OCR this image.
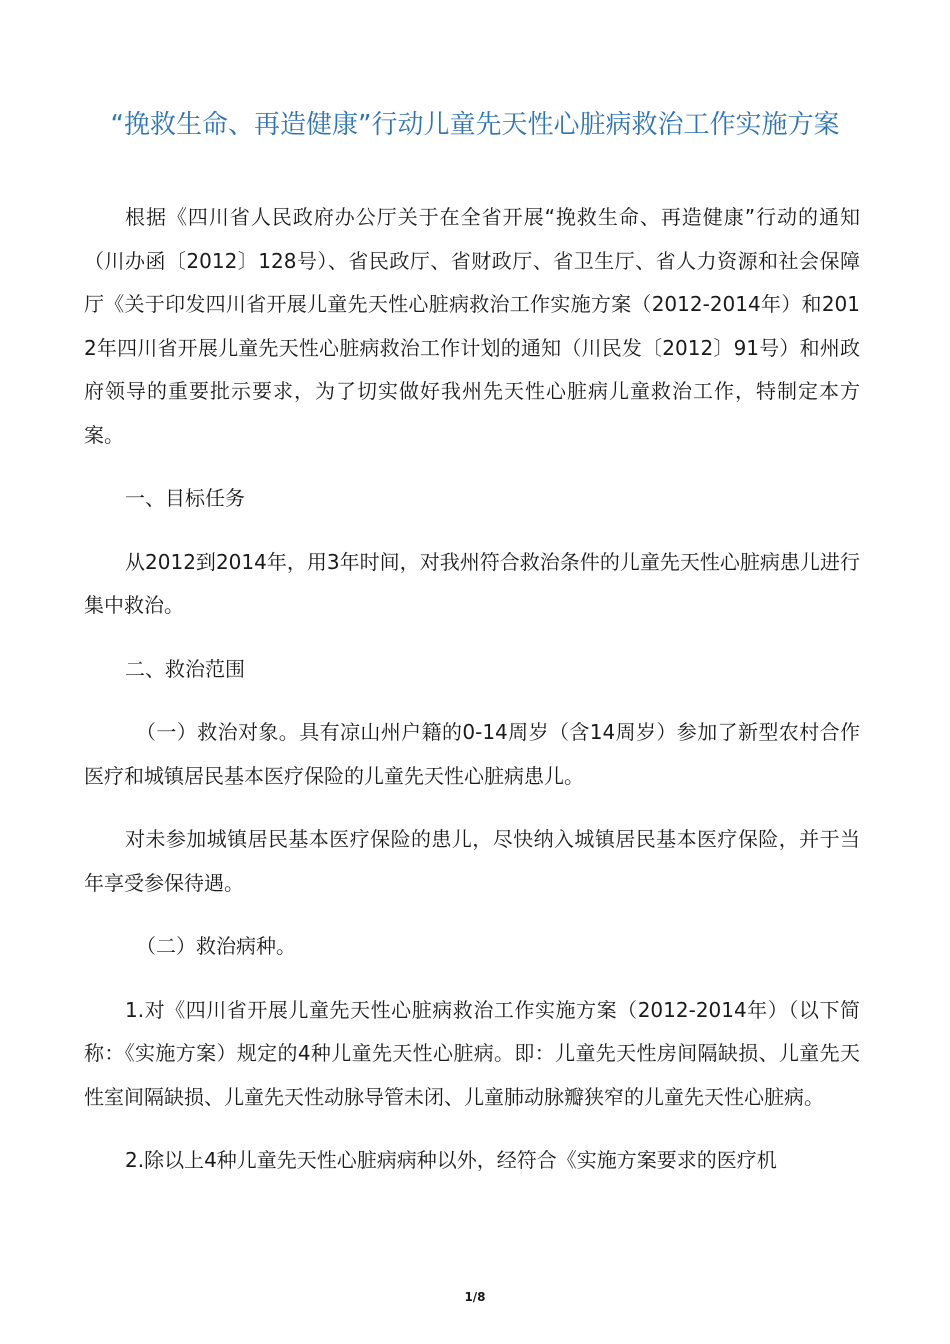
“挽救生命、再造健康”行动儿童先天性心脏病救治工作实施方案

根据《四川省人民政府办公厅关于在全省开展“挽救生命、再造健康”行动的通知（川办函〔2012〕128号）、省民政厅、省财政厅、省卫生厅、省人力资源和社会保障厅《关于印发四川省开展儿童先天性心脏病救治工作实施方案（2012-2014年）和2012年四川省开展儿童先天性心脏病救治工作计划的通知（川民发〔2012〕91号）和州政府领导的重要批示要求，为了切实做好我州先天性心脏病儿童救治工作，特制定本方案。

一、目标任务

从2012到2014年，用3年时间，对我州符合救治条件的儿童先天性心脏病患儿进行集中救治。

二、救治范围

（一）救治对象。具有凉山州户籍的0-14周岁（含14周岁）参加了新型农村合作医疗和城镇居民基本医疗保险的儿童先天性心脏病患儿。

对未参加城镇居民基本医疗保险的患儿，尽快纳入城镇居民基本医疗保险，并于当年享受参保待遇。

（二）救治病种。

1.对《四川省开展儿童先天性心脏病救治工作实施方案（2012-2014年）（以下简称：《实施方案）规定的4种儿童先天性心脏病。即：儿童先天性房间隔缺损、儿童先天性室间隔缺损、儿童先天性动脉导管未闭、儿童肺动脉瓣狭窄的儿童先天性心脏病。

2.除以上4种儿童先天性心脏病病种以外，经符合《实施方案要求的医疗机

1/8
